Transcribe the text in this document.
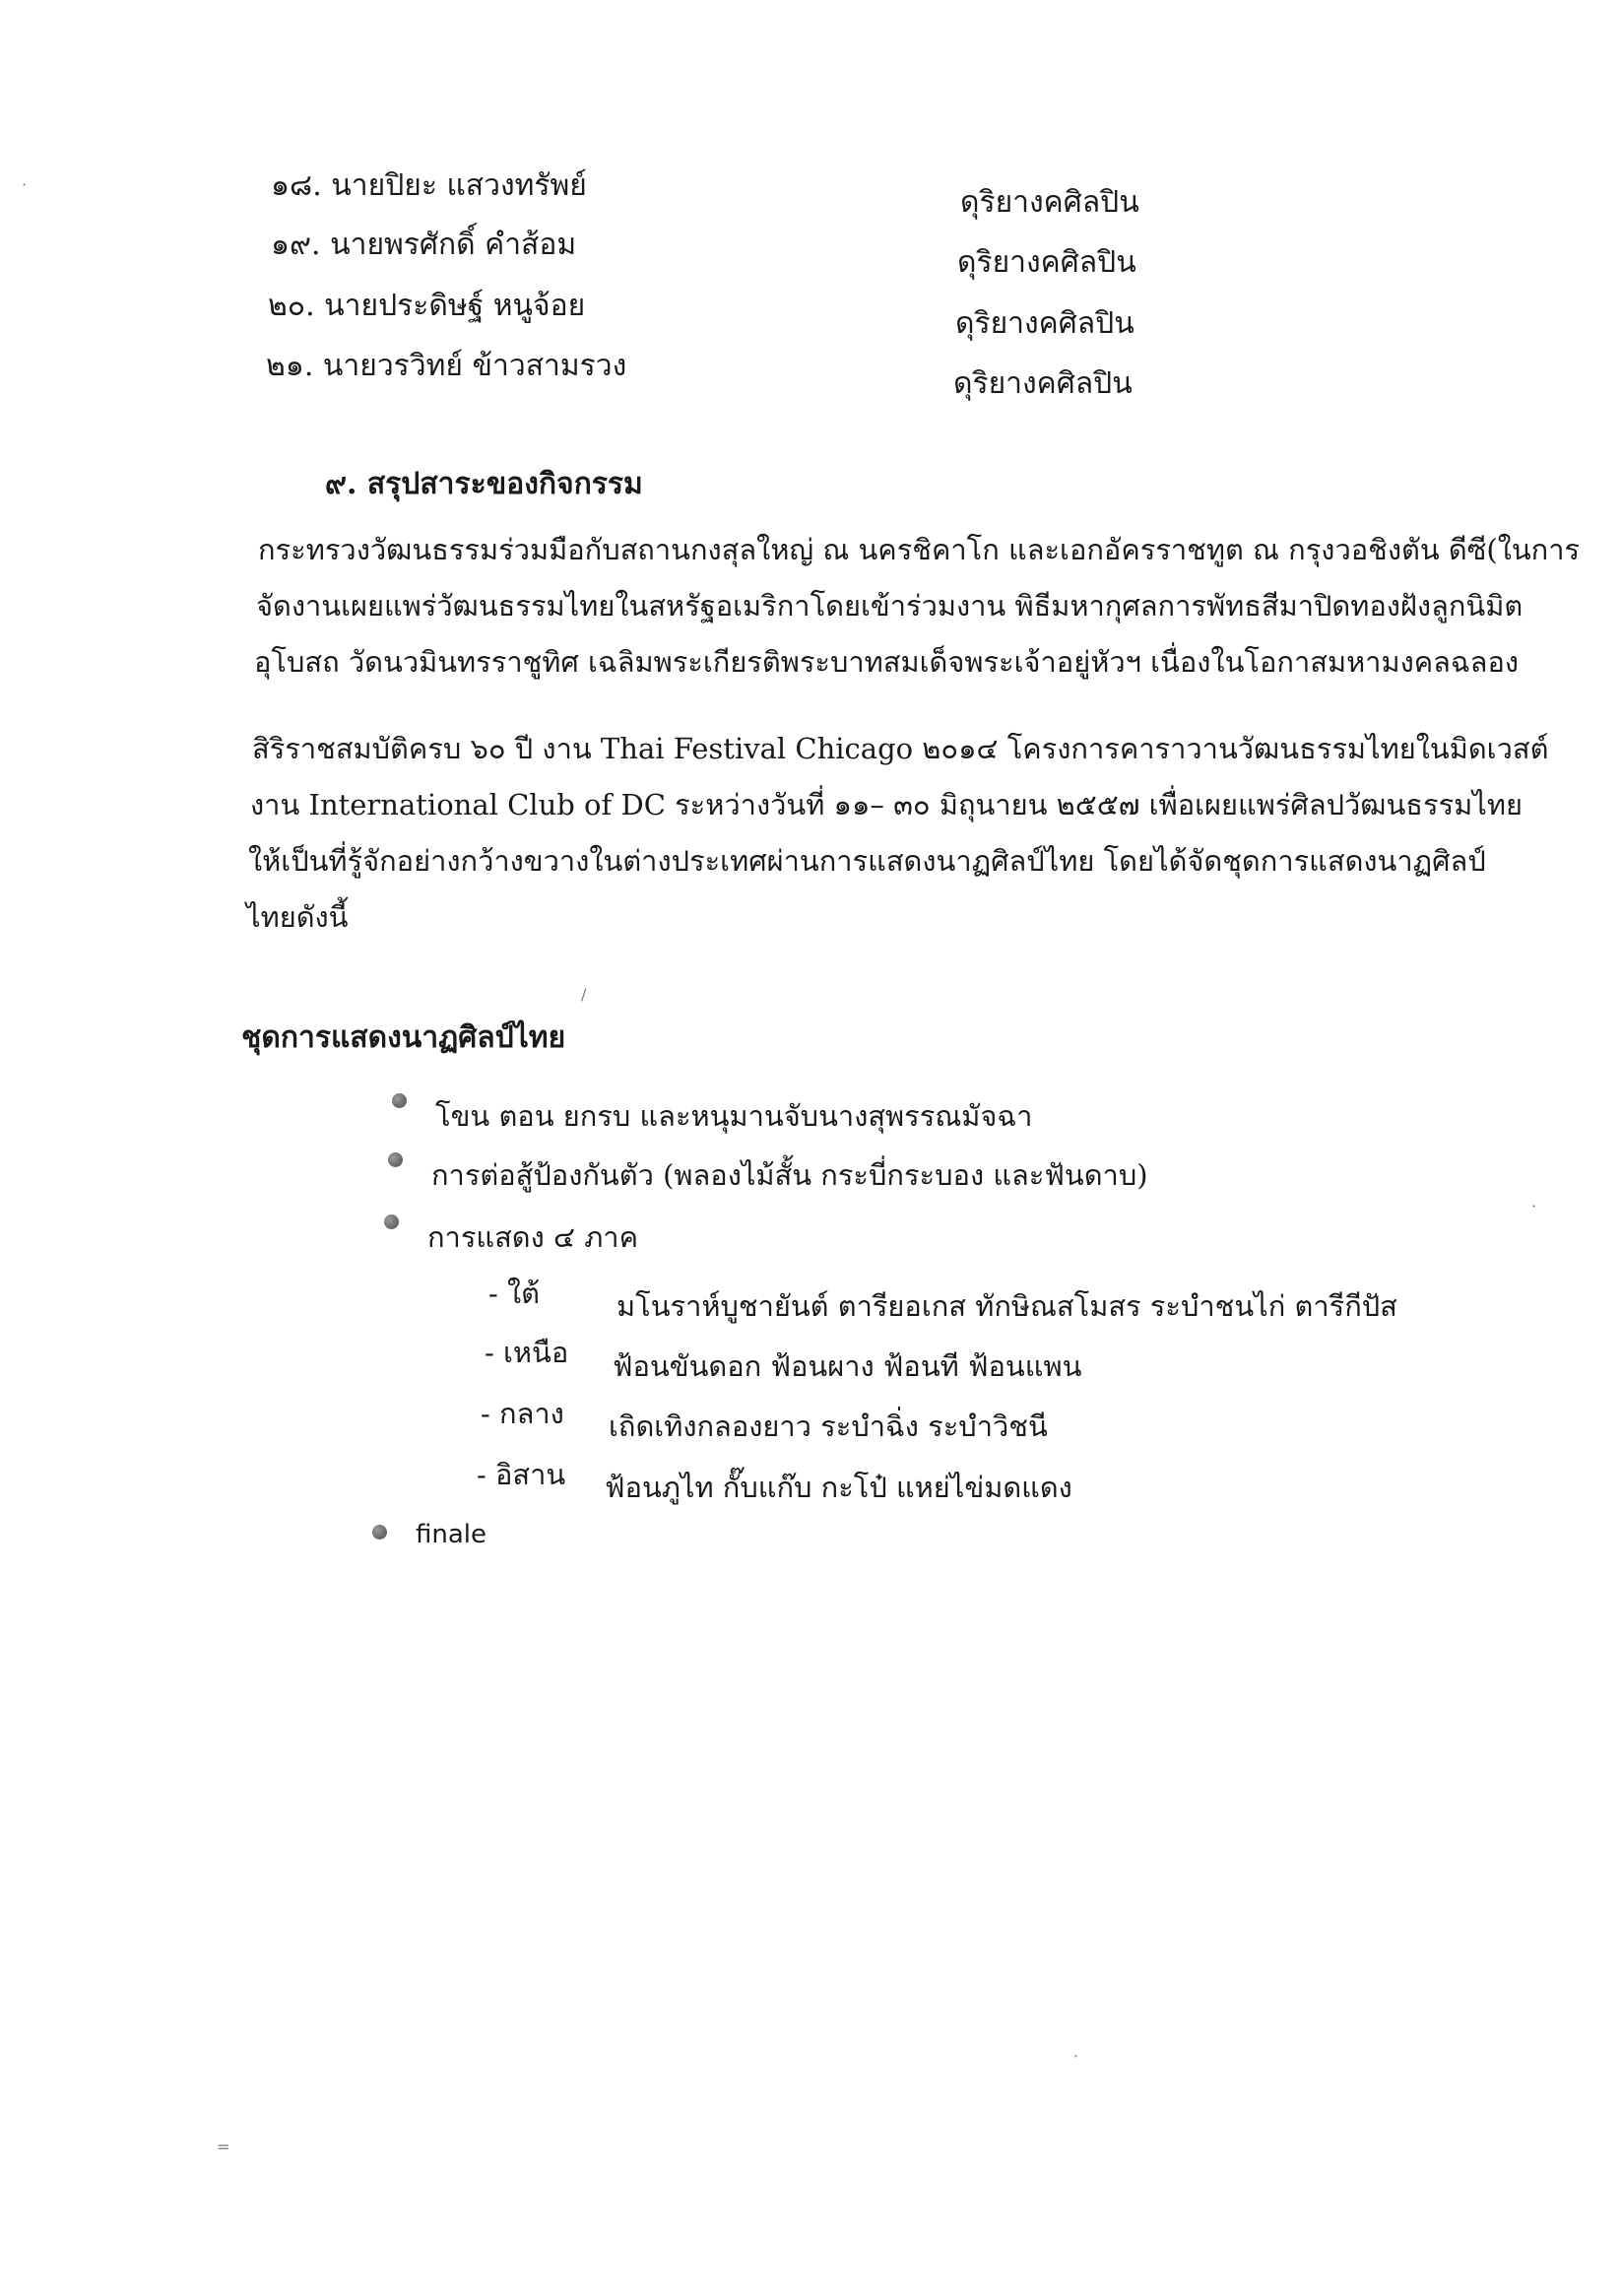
๑๘. นายปิยะ แสวงทรัพย์	ดุริยางคศิลปิน
๑๙. นายพรศักดิ์ คำส้อม
ดุริยางคศิลปิน
๒๐. นายประดิษฐ์ หนูจ้อย
ดุริยางคศิลปิน
๒๑. นายวรวิทย์ ข้าวสามรวง
ดุริยางคศิลปิน
๙. สรุปสาระของกิจกรรม
กระทรวงวัฒนธรรมร่วมมือกับสถานกงสุลใหญ่ ณ นครชิคาโก และเอกอัครราชทูต ณ กรุงวอชิงตัน ดีซี(ในการ
จัดงานเผยแพร่วัฒนธรรมไทยในสหรัฐอเมริกาโดยเข้าร่วมงาน พิธีมหากุศลการพัทธสีมาปิดทองฝังลูกนิมิต
อุโบสถ วัดนวมินทรราชูทิศ เฉลิมพระเกียรติพระบาทสมเด็จพระเจ้าอยู่หัวฯ เนื่องในโอกาสมหามงคลฉลอง
สิริราชสมบัติครบ ๖๐ ปี งาน Thai Festival Chicago ๒๐๑๔ โครงการคาราวานวัฒนธรรมไทยในมิดเวสต์
งาน International Club of DC ระหว่างวันที่ ๑๑– ๓๐ มิถุนายน ๒๕๕๗ เพื่อเผยแพร่ศิลปวัฒนธรรมไทย
ให้เป็นที่รู้จักอย่างกว้างขวางในต่างประเทศผ่านการแสดงนาฏศิลป์ไทย โดยได้จัดชุดการแสดงนาฏศิลป์
ไทยดังนี้
ชุดการแสดงนาฏศิลป์ไทย
โขน ตอน ยกรบ และหนุมานจับนางสุพรรณมัจฉา
การต่อสู้ป้องกันตัว (พลองไม้สั้น กระบี่กระบอง และฟันดาบ)
การแสดง ๔ ภาค
- ใต้	มโนราห์บูชายันต์ ตารียอเกส ทักษิณสโมสร ระบำชนไก่ ตารีกีปัส
- เหนือ ฟ้อนขันดอก ฟ้อนผาง ฟ้อนที ฟ้อนแพน
- กลาง เถิดเทิงกลองยาว ระบำฉิ่ง ระบำวิชนี
- อิสาน ฟ้อนภูไท กั๊บแก๊บ กะโป๋ แหย่ไข่มดแดง
finale
·
/
·
·
=
